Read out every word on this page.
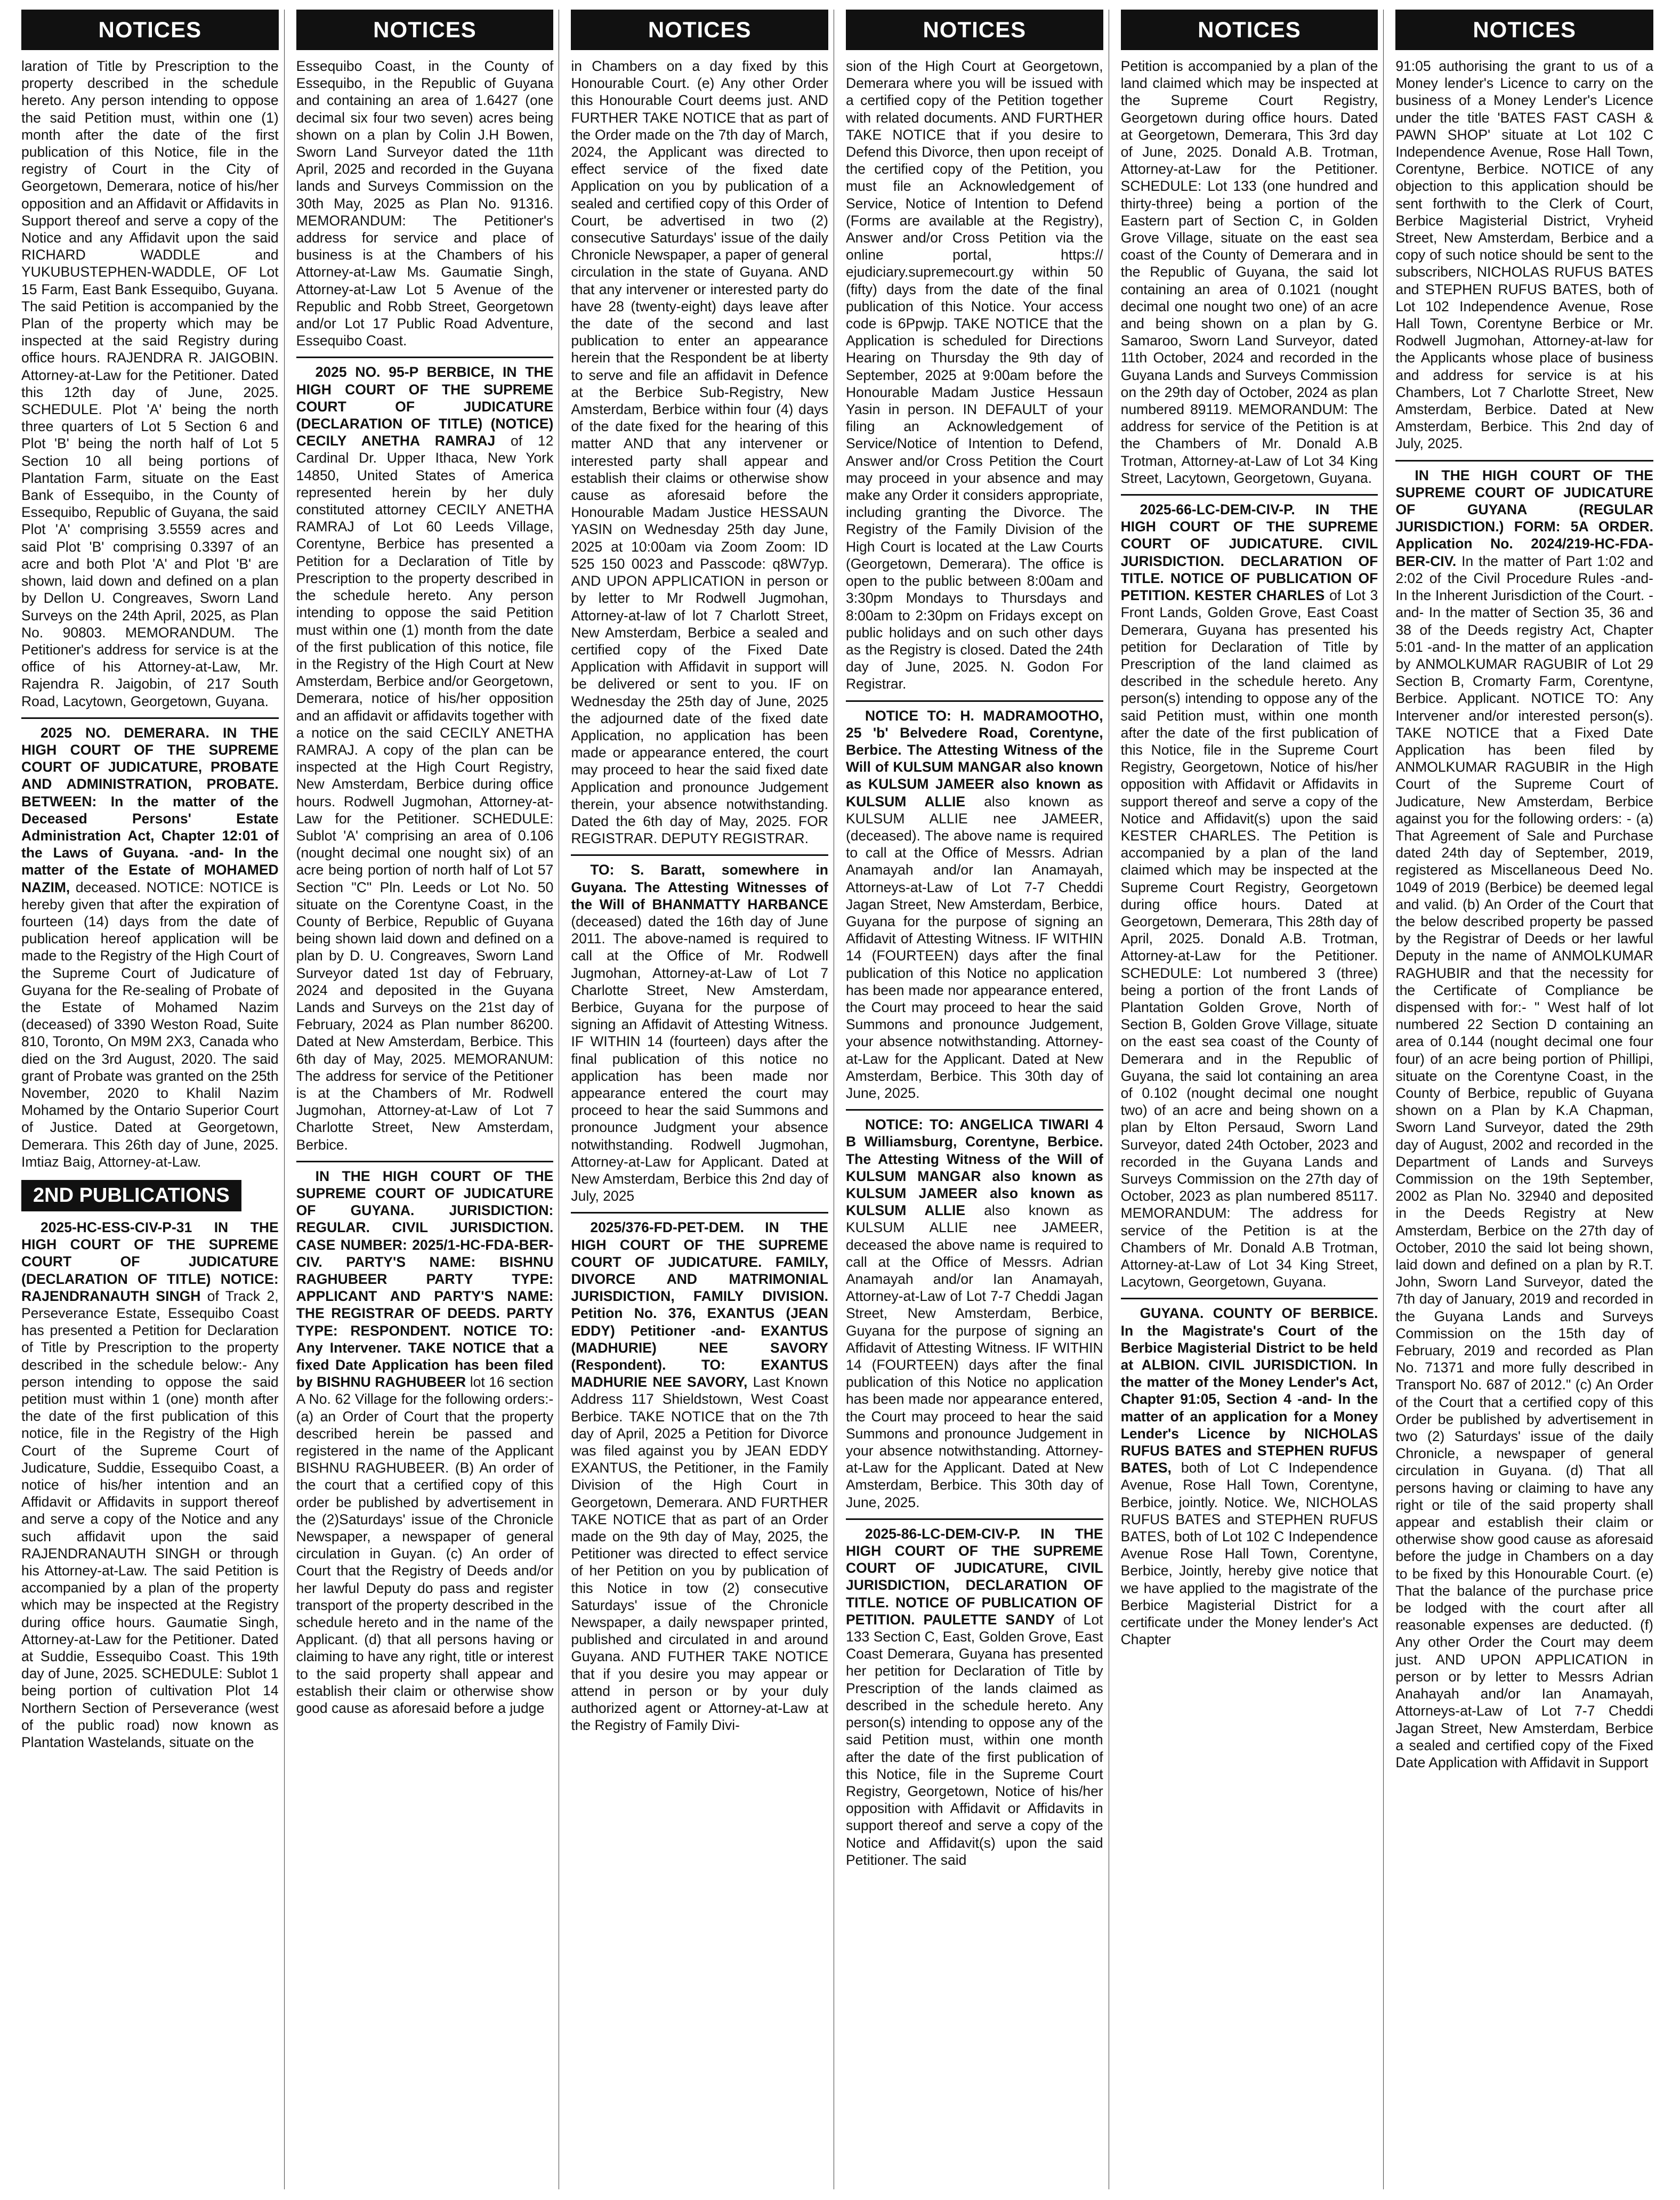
NOTICES

laration of Title by Prescription to the property described in the schedule hereto. Any person intending to oppose the said Petition must, within one (1) month after the date of the first publication of this Notice, file in the registry of Court in the City of Georgetown, Demerara, notice of his/her opposition and an Affidavit or Affidavits in Support thereof and serve a copy of the Notice and any Affidavit upon the said RICHARD WADDLE and YUKUBUSTEPHEN-WADDLE, OF Lot 15 Farm, East Bank Essequibo, Guyana. The said Petition is accompanied by the Plan of the property which may be inspected at the said Registry during office hours. RAJENDRA R. JAIGOBIN. Attorney-at-Law for the Petitioner. Dated this 12th day of June, 2025. SCHEDULE. Plot 'A' being the north three quarters of Lot 5 Section 6 and Plot 'B' being the north half of Lot 5 Section 10 all being portions of Plantation Farm, situate on the East Bank of Essequibo, in the County of Essequibo, Republic of Guyana, the said Plot 'A' comprising 3.5559 acres and said Plot 'B' comprising 0.3397 of an acre and both Plot 'A' and Plot 'B' are shown, laid down and defined on a plan by Dellon U. Congreaves, Sworn Land Surveys on the 24th April, 2025, as Plan No. 90803. MEMORANDUM. The Petitioner's address for service is at the office of his Attorney-at-Law, Mr. Rajendra R. Jaigobin, of 217 South Road, Lacytown, Georgetown, Guyana.

2025 NO. DEMERARA. IN THE HIGH COURT OF THE SUPREME COURT OF JUDICATURE, PROBATE AND ADMINISTRATION, PROBATE. BETWEEN: In the matter of the Deceased Persons' Estate Administration Act, Chapter 12:01 of the Laws of Guyana. -and- In the matter of the Estate of MOHAMED NAZIM, deceased. NOTICE: NOTICE is hereby given that after the expiration of fourteen (14) days from the date of publication hereof application will be made to the Registry of the High Court of the Supreme Court of Judicature of Guyana for the Re-sealing of Probate of the Estate of Mohamed Nazim (deceased) of 3390 Weston Road, Suite 810, Toronto, On M9M 2X3, Canada who died on the 3rd August, 2020. The said grant of Probate was granted on the 25th November, 2020 to Khalil Nazim Mohamed by the Ontario Superior Court of Justice. Dated at Georgetown, Demerara. This 26th day of June, 2025. Imtiaz Baig, Attorney-at-Law.

2ND PUBLICATIONS

2025-HC-ESS-CIV-P-31 IN THE HIGH COURT OF THE SUPREME COURT OF JUDICATURE (DECLARATION OF TITLE) NOTICE: RAJENDRANAUTH SINGH of Track 2, Perseverance Estate, Essequibo Coast has presented a Petition for Declaration of Title by Prescription to the property described in the schedule below:- Any person intending to oppose the said petition must within 1 (one) month after the date of the first publication of this notice, file in the Registry of the High Court of the Supreme Court of Judicature, Suddie, Essequibo Coast, a notice of his/her intention and an Affidavit or Affidavits in support thereof and serve a copy of the Notice and any such affidavit upon the said RAJENDRANAUTH SINGH or through his Attorney-at-Law. The said Petition is accompanied by a plan of the property which may be inspected at the Registry during office hours. Gaumatie Singh, Attorney-at-Law for the Petitioner. Dated at Suddie, Essequibo Coast. This 19th day of June, 2025. SCHEDULE: Sublot 1 being portion of cultivation Plot 14 Northern Section of Perseverance (west of the public road) now known as Plantation Wastelands, situate on the

NOTICES

Essequibo Coast, in the County of Essequibo, in the Republic of Guyana and containing an area of 1.6427 (one decimal six four two seven) acres being shown on a plan by Colin J.H Bowen, Sworn Land Surveyor dated the 11th April, 2025 and recorded in the Guyana lands and Surveys Commission on the 30th May, 2025 as Plan No. 91316. MEMORANDUM: The Petitioner's address for service and place of business is at the Chambers of his Attorney-at-Law Ms. Gaumatie Singh, Attorney-at-Law Lot 5 Avenue of the Republic and Robb Street, Georgetown and/or Lot 17 Public Road Adventure, Essequibo Coast.

2025 NO. 95-P BERBICE, IN THE HIGH COURT OF THE SUPREME COURT OF JUDICATURE (DECLARATION OF TITLE) (NOTICE) CECILY ANETHA RAMRAJ of 12 Cardinal Dr. Upper Ithaca, New York 14850, United States of America represented herein by her duly constituted attorney CECILY ANETHA RAMRAJ of Lot 60 Leeds Village, Corentyne, Berbice has presented a Petition for a Declaration of Title by Prescription to the property described in the schedule hereto. Any person intending to oppose the said Petition must within one (1) month from the date of the first publication of this notice, file in the Registry of the High Court at New Amsterdam, Berbice and/or Georgetown, Demerara, notice of his/her opposition and an affidavit or affidavits together with a notice on the said CECILY ANETHA RAMRAJ. A copy of the plan can be inspected at the High Court Registry, New Amsterdam, Berbice during office hours. Rodwell Jugmohan, Attorney-at-Law for the Petitioner. SCHEDULE: Sublot 'A' comprising an area of 0.106 (nought decimal one nought six) of an acre being portion of north half of Lot 57 Section "C" Pln. Leeds or Lot No. 50 situate on the Corentyne Coast, in the County of Berbice, Republic of Guyana being shown laid down and defined on a plan by D. U. Congreaves, Sworn Land Surveyor dated 1st day of February, 2024 and deposited in the Guyana Lands and Surveys on the 21st day of February, 2024 as Plan number 86200. Dated at New Amsterdam, Berbice. This 6th day of May, 2025. MEMORANUM: The address for service of the Petitioner is at the Chambers of Mr. Rodwell Jugmohan, Attorney-at-Law of Lot 7 Charlotte Street, New Amsterdam, Berbice.

IN THE HIGH COURT OF THE SUPREME COURT OF JUDICATURE OF GUYANA. JURISDICTION: REGULAR. CIVIL JURISDICTION. CASE NUMBER: 2025/1-HC-FDA-BER-CIV. PARTY'S NAME: BISHNU RAGHUBEER PARTY TYPE: APPLICANT AND PARTY'S NAME: THE REGISTRAR OF DEEDS. PARTY TYPE: RESPONDENT. NOTICE TO: Any Intervener. TAKE NOTICE that a fixed Date Application has been filed by BISHNU RAGHUBEER lot 16 section A No. 62 Village for the following orders:- (a) an Order of Court that the property described herein be passed and registered in the name of the Applicant BISHNU RAGHUBEER. (B) An order of the court that a certified copy of this order be published by advertisement in the (2)Saturdays' issue of the Chronicle Newspaper, a newspaper of general circulation in Guyan. (c) An order of Court that the Registry of Deeds and/or her lawful Deputy do pass and register transport of the property described in the schedule hereto and in the name of the Applicant. (d) that all persons having or claiming to have any right, title or interest to the said property shall appear and establish their claim or otherwise show good cause as aforesaid before a judge

NOTICES

in Chambers on a day fixed by this Honourable Court. (e) Any other Order this Honourable Court deems just. AND FURTHER TAKE NOTICE that as part of the Order made on the 7th day of March, 2024, the Applicant was directed to effect service of the fixed date Application on you by publication of a sealed and certified copy of this Order of Court, be advertised in two (2) consecutive Saturdays' issue of the daily Chronicle Newspaper, a paper of general circulation in the state of Guyana. AND that any intervener or interested party do have 28 (twenty-eight) days leave after the date of the second and last publication to enter an appearance herein that the Respondent be at liberty to serve and file an affidavit in Defence at the Berbice Sub-Registry, New Amsterdam, Berbice within four (4) days of the date fixed for the hearing of this matter AND that any intervener or interested party shall appear and establish their claims or otherwise show cause as aforesaid before the Honourable Madam Justice HESSAUN YASIN on Wednesday 25th day June, 2025 at 10:00am via Zoom Zoom: ID 525 150 0023 and Passcode: q8W7yp. AND UPON APPLICATION in person or by letter to Mr Rodwell Jugmohan, Attorney-at-law of lot 7 Charlott Street, New Amsterdam, Berbice a sealed and certified copy of the Fixed Date Application with Affidavit in support will be delivered or sent to you. IF on Wednesday the 25th day of June, 2025 the adjourned date of the fixed date Application, no application has been made or appearance entered, the court may proceed to hear the said fixed date Application and pronounce Judgement therein, your absence notwithstanding. Dated the 6th day of May, 2025. FOR REGISTRAR. DEPUTY REGISTRAR.

TO: S. Baratt, somewhere in Guyana. The Attesting Witnesses of the Will of BHANMATTY HARBANCE (deceased) dated the 16th day of June 2011. The above-named is required to call at the Office of Mr. Rodwell Jugmohan, Attorney-at-Law of Lot 7 Charlotte Street, New Amsterdam, Berbice, Guyana for the purpose of signing an Affidavit of Attesting Witness. IF WITHIN 14 (fourteen) days after the final publication of this notice no application has been made nor appearance entered the court may proceed to hear the said Summons and pronounce Judgment your absence notwithstanding. Rodwell Jugmohan, Attorney-at-Law for Applicant. Dated at New Amsterdam, Berbice this 2nd day of July, 2025

2025/376-FD-PET-DEM. IN THE HIGH COURT OF THE SUPREME COURT OF JUDICATURE. FAMILY, DIVORCE AND MATRIMONIAL JURISDICTION, FAMILY DIVISION. Petition No. 376, EXANTUS (JEAN EDDY) Petitioner -and- EXANTUS (MADHURIE) NEE SAVORY (Respondent). TO: EXANTUS MADHURIE NEE SAVORY, Last Known Address 117 Shieldstown, West Coast Berbice. TAKE NOTICE that on the 7th day of April, 2025 a Petition for Divorce was filed against you by JEAN EDDY EXANTUS, the Petitioner, in the Family Division of the High Court in Georgetown, Demerara. AND FURTHER TAKE NOTICE that as part of an Order made on the 9th day of May, 2025, the Petitioner was directed to effect service of her Petition on you by publication of this Notice in tow (2) consecutive Saturdays' issue of the Chronicle Newspaper, a daily newspaper printed, published and circulated in and around Guyana. AND FUTHER TAKE NOTICE that if you desire you may appear or attend in person or by your duly authorized agent or Attorney-at-Law at the Registry of Family Divi-

NOTICES

sion of the High Court at Georgetown, Demerara where you will be issued with a certified copy of the Petition together with related documents. AND FURTHER TAKE NOTICE that if you desire to Defend this Divorce, then upon receipt of the certified copy of the Petition, you must file an Acknowledgement of Service, Notice of Intention to Defend (Forms are available at the Registry), Answer and/or Cross Petition via the online portal, https:// ejudiciary.supremecourt.gy within 50 (fifty) days from the date of the final publication of this Notice. Your access code is 6Ppwjp. TAKE NOTICE that the Application is scheduled for Directions Hearing on Thursday the 9th day of September, 2025 at 9:00am before the Honourable Madam Justice Hessaun Yasin in person. IN DEFAULT of your filing an Acknowledgement of Service/Notice of Intention to Defend, Answer and/or Cross Petition the Court may proceed in your absence and may make any Order it considers appropriate, including granting the Divorce. The Registry of the Family Division of the High Court is located at the Law Courts (Georgetown, Demerara). The office is open to the public between 8:00am and 3:30pm Mondays to Thursdays and 8:00am to 2:30pm on Fridays except on public holidays and on such other days as the Registry is closed. Dated the 24th day of June, 2025. N. Godon For Registrar.

NOTICE TO: H. MADRAMOOTHO, 25 'b' Belvedere Road, Corentyne, Berbice. The Attesting Witness of the Will of KULSUM MANGAR also known as KULSUM JAMEER also known as KULSUM ALLIE also known as KULSUM ALLIE nee JAMEER, (deceased). The above name is required to call at the Office of Messrs. Adrian Anamayah and/or Ian Anamayah, Attorneys-at-Law of Lot 7-7 Cheddi Jagan Street, New Amsterdam, Berbice, Guyana for the purpose of signing an Affidavit of Attesting Witness. IF WITHIN 14 (FOURTEEN) days after the final publication of this Notice no application has been made nor appearance entered, the Court may proceed to hear the said Summons and pronounce Judgement, your absence notwithstanding. Attorney-at-Law for the Applicant. Dated at New Amsterdam, Berbice. This 30th day of June, 2025.

NOTICE: TO: ANGELICA TIWARI 4 B Williamsburg, Corentyne, Berbice. The Attesting Witness of the Will of KULSUM MANGAR also known as KULSUM JAMEER also known as KULSUM ALLIE also known as KULSUM ALLIE nee JAMEER, deceased the above name is required to call at the Office of Messrs. Adrian Anamayah and/or Ian Anamayah, Attorney-at-Law of Lot 7-7 Cheddi Jagan Street, New Amsterdam, Berbice, Guyana for the purpose of signing an Affidavit of Attesting Witness. IF WITHIN 14 (FOURTEEN) days after the final publication of this Notice no application has been made nor appearance entered, the Court may proceed to hear the said Summons and pronounce Judgement in your absence notwithstanding. Attorney-at-Law for the Applicant. Dated at New Amsterdam, Berbice. This 30th day of June, 2025.

2025-86-LC-DEM-CIV-P. IN THE HIGH COURT OF THE SUPREME COURT OF JUDICATURE, CIVIL JURISDICTION, DECLARATION OF TITLE. NOTICE OF PUBLICATION OF PETITION. PAULETTE SANDY of Lot 133 Section C, East, Golden Grove, East Coast Demerara, Guyana has presented her petition for Declaration of Title by Prescription of the lands claimed as described in the schedule hereto. Any person(s) intending to oppose any of the said Petition must, within one month after the date of the first publication of this Notice, file in the Supreme Court Registry, Georgetown, Notice of his/her opposition with Affidavit or Affidavits in support thereof and serve a copy of the Notice and Affidavit(s) upon the said Petitioner. The said

NOTICES

Petition is accompanied by a plan of the land claimed which may be inspected at the Supreme Court Registry, Georgetown during office hours. Dated at Georgetown, Demerara, This 3rd day of June, 2025. Donald A.B. Trotman, Attorney-at-Law for the Petitioner. SCHEDULE: Lot 133 (one hundred and thirty-three) being a portion of the Eastern part of Section C, in Golden Grove Village, situate on the east sea coast of the County of Demerara and in the Republic of Guyana, the said lot containing an area of 0.1021 (nought decimal one nought two one) of an acre and being shown on a plan by G. Samaroo, Sworn Land Surveyor, dated 11th October, 2024 and recorded in the Guyana Lands and Surveys Commission on the 29th day of October, 2024 as plan numbered 89119. MEMORANDUM: The address for service of the Petition is at the Chambers of Mr. Donald A.B Trotman, Attorney-at-Law of Lot 34 King Street, Lacytown, Georgetown, Guyana.

2025-66-LC-DEM-CIV-P. IN THE HIGH COURT OF THE SUPREME COURT OF JUDICATURE. CIVIL JURISDICTION. DECLARATION OF TITLE. NOTICE OF PUBLICATION OF PETITION. KESTER CHARLES of Lot 3 Front Lands, Golden Grove, East Coast Demerara, Guyana has presented his petition for Declaration of Title by Prescription of the land claimed as described in the schedule hereto. Any person(s) intending to oppose any of the said Petition must, within one month after the date of the first publication of this Notice, file in the Supreme Court Registry, Georgetown, Notice of his/her opposition with Affidavit or Affidavits in support thereof and serve a copy of the Notice and Affidavit(s) upon the said KESTER CHARLES. The Petition is accompanied by a plan of the land claimed which may be inspected at the Supreme Court Registry, Georgetown during office hours. Dated at Georgetown, Demerara, This 28th day of April, 2025. Donald A.B. Trotman, Attorney-at-Law for the Petitioner. SCHEDULE: Lot numbered 3 (three) being a portion of the front Lands of Plantation Golden Grove, North of Section B, Golden Grove Village, situate on the east sea coast of the County of Demerara and in the Republic of Guyana, the said lot containing an area of 0.102 (nought decimal one nought two) of an acre and being shown on a plan by Elton Persaud, Sworn Land Surveyor, dated 24th October, 2023 and recorded in the Guyana Lands and Surveys Commission on the 27th day of October, 2023 as plan numbered 85117. MEMORANDUM: The address for service of the Petition is at the Chambers of Mr. Donald A.B Trotman, Attorney-at-Law of Lot 34 King Street, Lacytown, Georgetown, Guyana.

GUYANA. COUNTY OF BERBICE. In the Magistrate's Court of the Berbice Magisterial District to be held at ALBION. CIVIL JURISDICTION. In the matter of the Money Lender's Act, Chapter 91:05, Section 4 -and- In the matter of an application for a Money Lender's Licence by NICHOLAS RUFUS BATES and STEPHEN RUFUS BATES, both of Lot C Independence Avenue, Rose Hall Town, Corentyne, Berbice, jointly. Notice. We, NICHOLAS RUFUS BATES and STEPHEN RUFUS BATES, both of Lot 102 C Independence Avenue Rose Hall Town, Corentyne, Berbice, Jointly, hereby give notice that we have applied to the magistrate of the Berbice Magisterial District for a certificate under the Money lender's Act Chapter

NOTICES

91:05 authorising the grant to us of a Money lender's Licence to carry on the business of a Money Lender's Licence under the title 'BATES FAST CASH & PAWN SHOP' situate at Lot 102 C Independence Avenue, Rose Hall Town, Corentyne, Berbice. NOTICE of any objection to this application should be sent forthwith to the Clerk of Court, Berbice Magisterial District, Vryheid Street, New Amsterdam, Berbice and a copy of such notice should be sent to the subscribers, NICHOLAS RUFUS BATES and STEPHEN RUFUS BATES, both of Lot 102 Independence Avenue, Rose Hall Town, Corentyne Berbice or Mr. Rodwell Jugmohan, Attorney-at-law for the Applicants whose place of business and address for service is at his Chambers, Lot 7 Charlotte Street, New Amsterdam, Berbice. Dated at New Amsterdam, Berbice. This 2nd day of July, 2025.

IN THE HIGH COURT OF THE SUPREME COURT OF JUDICATURE OF GUYANA (REGULAR JURISDICTION.) FORM: 5A ORDER. Application No. 2024/219-HC-FDA-BER-CIV. In the matter of Part 1:02 and 2:02 of the Civil Procedure Rules -and- In the Inherent Jurisdiction of the Court. -and- In the matter of Section 35, 36 and 38 of the Deeds registry Act, Chapter 5:01 -and- In the matter of an application by ANMOLKUMAR RAGUBIR of Lot 29 Section B, Cromarty Farm, Corentyne, Berbice. Applicant. NOTICE TO: Any Intervener and/or interested person(s). TAKE NOTICE that a Fixed Date Application has been filed by ANMOLKUMAR RAGUBIR in the High Court of the Supreme Court of Judicature, New Amsterdam, Berbice against you for the following orders: - (a) That Agreement of Sale and Purchase dated 24th day of September, 2019, registered as Miscellaneous Deed No. 1049 of 2019 (Berbice) be deemed legal and valid. (b) An Order of the Court that the below described property be passed by the Registrar of Deeds or her lawful Deputy in the name of ANMOLKUMAR RAGHUBIR and that the necessity for the Certificate of Compliance be dispensed with for:- " West half of lot numbered 22 Section D containing an area of 0.144 (nought decimal one four four) of an acre being portion of Phillipi, situate on the Corentyne Coast, in the County of Berbice, republic of Guyana shown on a Plan by K.A Chapman, Sworn Land Surveyor, dated the 29th day of August, 2002 and recorded in the Department of Lands and Surveys Commission on the 19th September, 2002 as Plan No. 32940 and deposited in the Deeds Registry at New Amsterdam, Berbice on the 27th day of October, 2010 the said lot being shown, laid down and defined on a plan by R.T. John, Sworn Land Surveyor, dated the 7th day of January, 2019 and recorded in the Guyana Lands and Surveys Commission on the 15th day of February, 2019 and recorded as Plan No. 71371 and more fully described in Transport No. 687 of 2012." (c) An Order of the Court that a certified copy of this Order be published by advertisement in two (2) Saturdays' issue of the daily Chronicle, a newspaper of general circulation in Guyana. (d) That all persons having or claiming to have any right or tile of the said property shall appear and establish their claim or otherwise show good cause as aforesaid before the judge in Chambers on a day to be fixed by this Honourable Court. (e) That the balance of the purchase price be lodged with the court after all reasonable expenses are deducted. (f) Any other Order the Court may deem just. AND UPON APPLICATION in person or by letter to Messrs Adrian Anahayah and/or Ian Anamayah, Attorneys-at-Law of Lot 7-7 Cheddi Jagan Street, New Amsterdam, Berbice a sealed and certified copy of the Fixed Date Application with Affidavit in Support
